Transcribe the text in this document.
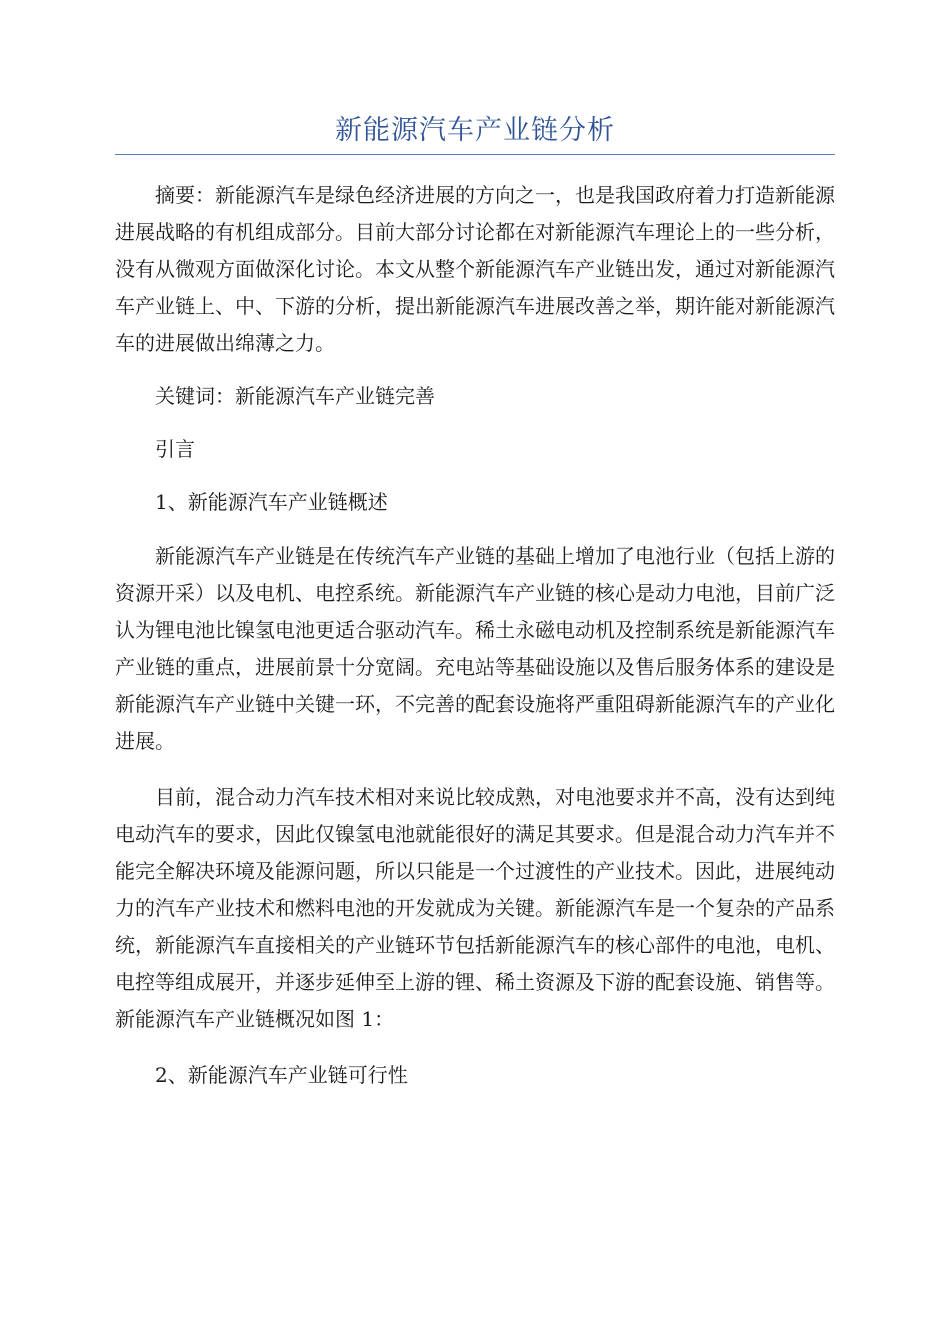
新能源汽车产业链分析

摘要：新能源汽车是绿色经济进展的方向之一，也是我国政府着力打造新能源进展战略的有机组成部分。目前大部分讨论都在对新能源汽车理论上的一些分析，没有从微观方面做深化讨论。本文从整个新能源汽车产业链出发，通过对新能源汽车产业链上、中、下游的分析，提出新能源汽车进展改善之举，期许能对新能源汽车的进展做出绵薄之力。

关键词：新能源汽车产业链完善

引言

1、新能源汽车产业链概述

新能源汽车产业链是在传统汽车产业链的基础上增加了电池行业（包括上游的资源开采）以及电机、电控系统。新能源汽车产业链的核心是动力电池，目前广泛认为锂电池比镍氢电池更适合驱动汽车。稀土永磁电动机及控制系统是新能源汽车产业链的重点，进展前景十分宽阔。充电站等基础设施以及售后服务体系的建设是新能源汽车产业链中关键一环，不完善的配套设施将严重阻碍新能源汽车的产业化进展。

目前，混合动力汽车技术相对来说比较成熟，对电池要求并不高，没有达到纯电动汽车的要求，因此仅镍氢电池就能很好的满足其要求。但是混合动力汽车并不能完全解决环境及能源问题，所以只能是一个过渡性的产业技术。因此，进展纯动力的汽车产业技术和燃料电池的开发就成为关键。新能源汽车是一个复杂的产品系统，新能源汽车直接相关的产业链环节包括新能源汽车的核心部件的电池，电机、电控等组成展开，并逐步延伸至上游的锂、稀土资源及下游的配套设施、销售等。新能源汽车产业链概况如图 1：

2、新能源汽车产业链可行性
